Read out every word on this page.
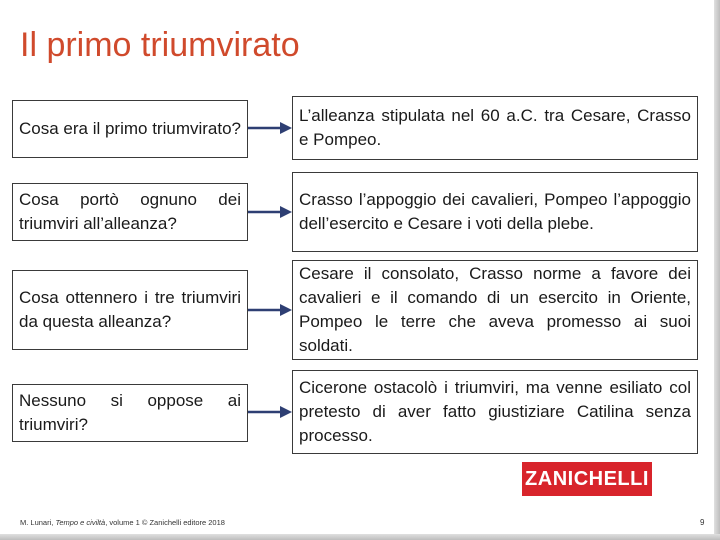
Il primo triumvirato
Cosa era il primo triumvirato?
L’alleanza stipulata nel 60 a.C. tra Cesare, Crasso e Pompeo.
Cosa portò ognuno dei triumviri all’alleanza?
Crasso l’appoggio dei cavalieri, Pompeo l’appoggio dell’esercito e Cesare i voti della plebe.
Cosa ottennero i tre triumviri da questa alleanza?
Cesare il consolato, Crasso norme a favore dei cavalieri e il comando di un esercito in Oriente, Pompeo le terre che aveva promesso ai suoi soldati.
Nessuno si oppose ai triumviri?
Cicerone ostacolò i triumviri, ma venne esiliato col pretesto di aver fatto giustiziare Catilina senza processo.
ZANICHELLI
M. Lunari, Tempo e civiltà, volume 1 © Zanichelli editore 2018	9
